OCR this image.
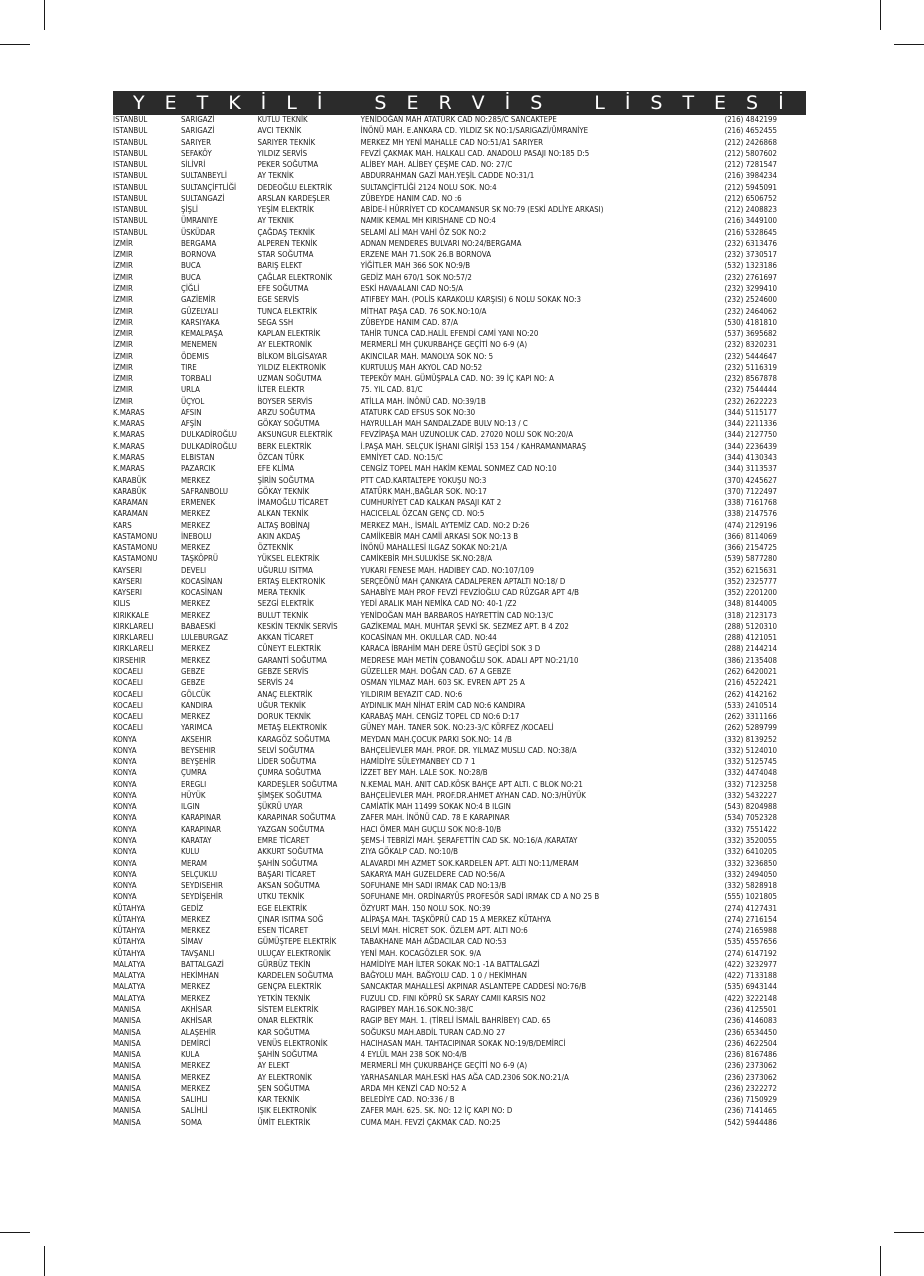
Y E T K İ L İ	S E R V İ S	L İ S T E S İ
ISTANBUL	SARIGAZİ	KUTLU TEKNİK	YENİDOĞAN MAH ATATÜRK CAD NO:285/C SANCAKTEPE	(216) 4842199
ISTANBUL	SARIGAZİ	AVCI TEKNİK	İNÖNÜ MAH. E.ANKARA CD. YILDIZ SK NO:1/SARIGAZİ/ÜMRANİYE	(216) 4652455
ISTANBUL	SARIYER	SARIYER TEKNİK	MERKEZ MH YENİ MAHALLE CAD NO:51/A1 SARIYER	(212) 2426868
ISTANBUL	SEFAKÖY	YILDIZ SERVİS	FEVZİ ÇAKMAK MAH. HALKALI CAD. ANADOLU PASAJI NO:185 D:5	(212) 5807602
ISTANBUL	SİLİVRİ	PEKER SOĞUTMA	ALİBEY MAH. ALİBEY ÇEŞME CAD. NO: 27/C	(212) 7281547
ISTANBUL	SULTANBEYLİ	AY TEKNİK	ABDURRAHMAN GAZİ MAH.YEŞİL CADDE NO:31/1	(216) 3984234
ISTANBUL	SULTANÇİFTLİĞİ	DEDEOĞLU ELEKTRİK	SULTANÇİFTLİĞİ 2124 NOLU SOK. NO:4	(212) 5945091
ISTANBUL	SULTANGAZİ	ARSLAN KARDEŞLER	ZÜBEYDE HANIM CAD. NO :6	(212) 6506752
ISTANBUL	ŞİŞLİ	YEŞİM ELEKTRİK	ABİDE-İ HÜRRİYET CD KOCAMANSUR SK NO:79 (ESKİ ADLİYE ARKASI)	(212) 2408823
ISTANBUL	ÜMRANIYE	AY TEKNIK	NAMIK KEMAL MH KIRISHANE CD NO:4	(216) 3449100
ISTANBUL	ÜSKÜDAR	ÇAĞDAŞ TEKNİK	SELAMİ ALİ MAH VAHİ ÖZ SOK NO:2	(216) 5328645
İZMİR	BERGAMA	ALPEREN TEKNİK	ADNAN MENDERES BULVARI NO:24/BERGAMA	(232) 6313476
İZMIR	BORNOVA	STAR SOĞUTMA	ERZENE MAH 71.SOK 26.B BORNOVA	(232) 3730517
İZMIR	BUCA	BARIŞ ELEKT	YİĞİTLER MAH 366 SOK NO:9/B	(532) 1323186
İZMIR	BUCA	ÇAĞLAR ELEKTRONİK	GEDİZ MAH 670/1 SOK NO:57/2	(232) 2761697
İZMIR	ÇİĞLİ	EFE SOĞUTMA	ESKİ HAVAALANI CAD NO:5/A	(232) 3299410
İZMIR	GAZİEMİR	EGE SERVİS	ATIFBEY MAH. (POLİS KARAKOLU KARŞISI) 6 NOLU SOKAK NO:3	(232) 2524600
İZMIR	GÜZELYALI	TUNCA ELEKTRİK	MİTHAT PAŞA CAD. 76 SOK.NO:10/A	(232) 2464062
İZMIR	KARSIYAKA	SEGA SSH	ZÜBEYDE HANIM CAD. 87/A	(530) 4181810
İZMIR	KEMALPAŞA	KAPLAN ELEKTRİK	TAHİR TUNCA CAD.HALİL EFENDİ CAMİ YANI NO:20	(537) 3695682
İZMIR	MENEMEN	AY ELEKTRONİK	MERMERLİ MH ÇUKURBAHÇE GEÇİTİ NO 6-9 (A)	(232) 8320231
İZMIR	ÖDEMIS	BİLKOM BİLGİSAYAR	AKINCILAR MAH. MANOLYA SOK NO: 5	(232) 5444647
İZMIR	TIRE	YILDIZ ELEKTRONİK	KURTULUŞ MAH AKYOL CAD NO:52	(232) 5116319
İZMIR	TORBALI	UZMAN SOĞUTMA	TEPEKÖY MAH. GÜMÜŞPALA CAD. NO: 39 İÇ KAPI NO: A	(232) 8567878
İZMIR	URLA	İLTER ELEKTR	75. YIL CAD. 81/C	(232) 7544444
İZMIR	ÜÇYOL	BOYSER SERVİS	ATİLLA MAH. İNÖNÜ CAD. NO:39/1B	(232) 2622223
K.MARAS	AFSIN	ARZU SOĞUTMA	ATATURK CAD EFSUS SOK NO:30	(344) 5115177
K.MARAS	AFŞİN	GÖKAY SOĞUTMA	HAYRULLAH MAH SANDALZADE BULV NO:13 / C	(344) 2211336
K.MARAS	DULKADİROĞLU	AKSUNGUR ELEKTRİK	FEVZİPAŞA MAH UZUNOLUK CAD. 27020 NOLU SOK NO:20/A	(344) 2127750
K.MARAS	DULKADİROĞLU	BERK ELEKTRİK	İ.PAŞA MAH. SELÇUK İŞHANI GİRİŞİ 153 154 / KAHRAMANMARAŞ	(344) 2236439
K.MARAS	ELBISTAN	ÖZCAN TÜRK	EMNİYET CAD. NO:15/C	(344) 4130343
K.MARAS	PAZARCIK	EFE KLİMA	CENGİZ TOPEL MAH HAKİM KEMAL SONMEZ CAD NO:10	(344) 3113537
KARABÜK	MERKEZ	ŞİRİN SOĞUTMA	PTT CAD.KARTALTEPE YOKUŞU NO:3	(370) 4245627
KARABÜK	SAFRANBOLU	GÖKAY TEKNİK	ATATÜRK MAH.,BAĞLAR SOK. NO:17	(370) 7122497
KARAMAN	ERMENEK	İMAMOĞLU TİCARET	CUMHURİYET CAD KALKAN PASAJI KAT 2	(338) 7161768
KARAMAN	MERKEZ	ALKAN TEKNİK	HACICELAL ÖZCAN GENÇ CD. NO:5	(338) 2147576
KARS	MERKEZ	ALTAŞ BOBİNAJ	MERKEZ MAH., İSMAİL AYTEMİZ CAD. NO:2 D:26	(474) 2129196
KASTAMONU	İNEBOLU	AKIN AKDAŞ	CAMİİKEBİR MAH CAMİİ ARKASI SOK NO:13 B	(366) 8114069
KASTAMONU	MERKEZ	ÖZTEKNİK	İNÖNÜ MAHALLESİ ILGAZ SOKAK NO:21/A	(366) 2154725
KASTAMONU	TAŞKÖPRÜ	YÜKSEL ELEKTRİK	CAMİKEBİR MH.SULUKİSE SK.NO:28/A	(539) 5877280
KAYSERI	DEVELI	UĞURLU ISITMA	YUKARI FENESE MAH. HADIBEY CAD. NO:107/109	(352) 6215631
KAYSERI	KOCASİNAN	ERTAŞ ELEKTRONİK	SERÇEÖNÜ MAH ÇANKAYA CADALPEREN APTALTI NO:18/ D	(352) 2325777
KAYSERI	KOCASİNAN	MERA TEKNİK	SAHABİYE MAH PROF FEVZİ FEVZİOĞLU CAD RÜZGAR APT 4/B	(352) 2201200
KILIS	MERKEZ	SEZGİ ELEKTRİK	YEDİ ARALIK MAH NEMİKA CAD NO: 40-1 /Z2	(348) 8144005
KIRIKKALE	MERKEZ	BULUT TEKNİK	YENİDOĞAN MAH BARBAROS HAYRETTİN CAD NO:13/C	(318) 2123173
KIRKLARELI	BABAESKİ	KESKİN TEKNİK SERVİS	GAZİKEMAL MAH. MUHTAR ŞEVKİ SK. SEZMEZ APT. B 4 Z02	(288) 5120310
KIRKLARELI	LULEBURGAZ	AKKAN TİCARET	KOCASİNAN MH. OKULLAR CAD. NO:44	(288) 4121051
KIRKLARELI	MERKEZ	CÜNEYT ELEKTRİK	KARACA İBRAHİM MAH DERE ÜSTÜ GEÇİDİ SOK 3 D	(288) 2144214
KIRSEHIR	MERKEZ	GARANTİ SOĞUTMA	MEDRESE MAH METİN ÇOBANOĞLU SOK. ADALI APT NO:21/10	(386) 2135408
KOCAELI	GEBZE	GEBZE SERVİS	GÜZELLER MAH. DOĞAN CAD. 67 A GEBZE	(262) 6420021
KOCAELI	GEBZE	SERVİS 24	OSMAN YILMAZ MAH. 603 SK. EVREN APT 25 A	(216) 4522421
KOCAELI	GÖLCÜK	ANAÇ ELEKTRİK	YILDIRIM BEYAZIT CAD. NO:6	(262) 4142162
KOCAELI	KANDIRA	UĞUR TEKNİK	AYDINLIK MAH NİHAT ERİM CAD NO:6 KANDIRA	(533) 2410514
KOCAELI	MERKEZ	DORUK TEKNİK	KARABAŞ MAH. CENGİZ TOPEL CD NO:6 D:17	(262) 3311166
KOCAELI	YARIMCA	METAŞ ELEKTRONİK	GÜNEY MAH. TANER SOK. NO:23-3/C KÖRFEZ /KOCAELİ	(262) 5289799
KONYA	AKSEHIR	KARAGÖZ SOĞUTMA	MEYDAN MAH.ÇOCUK PARKI SOK.NO: 14 /B	(332) 8139252
KONYA	BEYSEHIR	SELVİ SOĞUTMA	BAHÇELİEVLER MAH. PROF. DR. YILMAZ MUSLU CAD. NO:38/A	(332) 5124010
KONYA	BEYŞEHİR	LİDER SOĞUTMA	HAMİDİYE SÜLEYMANBEY CD 7 1	(332) 5125745
KONYA	ÇUMRA	ÇUMRA SOĞUTMA	İZZET BEY MAH. LALE SOK. NO:28/B	(332) 4474048
KONYA	EREGLI	KARDEŞLER SOĞUTMA	N.KEMAL MAH. ANIT CAD.KÖSK BAHÇE APT ALTI. C BLOK NO:21	(332) 7123258
KONYA	HÜYÜK	ŞİMŞEK SOĞUTMA	BAHÇELİEVLER MAH. PROF.DR.AHMET AYHAN CAD. NO:3/HÜYÜK	(332) 5432227
KONYA	ILGIN	ŞÜKRÜ UYAR	CAMİATİK MAH 11499 SOKAK NO:4 B ILGIN	(543) 8204988
KONYA	KARAPINAR	KARAPINAR SOĞUTMA	ZAFER MAH. İNÖNÜ CAD. 78 E KARAPINAR	(534) 7052328
KONYA	KARAPINAR	YAZGAN SOĞUTMA	HACI ÖMER MAH GUÇLU SOK NO:8-10/B	(332) 7551422
KONYA	KARATAY	EMRE TİCARET	ŞEMS-İ TEBRİZİ MAH. ŞERAFETTİN CAD SK. NO:16/A /KARATAY	(332) 3520055
KONYA	KULU	AKKURT SOĞUTMA	ZIYA GÖKALP CAD. NO:10/B	(332) 6410205
KONYA	MERAM	ŞAHİN SOĞUTMA	ALAVARDI MH AZMET SOK.KARDELEN APT. ALTI NO:11/MERAM	(332) 3236850
KONYA	SELÇUKLU	BAŞARI TİCARET	SAKARYA MAH GUZELDERE CAD NO:56/A	(332) 2494050
KONYA	SEYDISEHIR	AKSAN SOĞUTMA	SOFUHANE MH SADI IRMAK CAD NO:13/B	(332) 5828918
KONYA	SEYDİŞEHİR	UTKU TEKNİK	SOFUHANE MH. ORDİNARYÜS PROFESÖR SADİ IRMAK CD A NO 25 B	(555) 1021805
KÜTAHYA	GEDİZ	EGE ELEKTRİK	ÖZYURT MAH. 150 NOLU SOK. NO:39	(274) 4127431
KÜTAHYA	MERKEZ	ÇINAR ISITMA SOĞ	ALİPAŞA MAH. TAŞKÖPRÜ CAD 15 A MERKEZ KÜTAHYA	(274) 2716154
KÜTAHYA	MERKEZ	ESEN TİCARET	SELVİ MAH. HİCRET SOK. ÖZLEM APT. ALTI NO:6	(274) 2165988
KÜTAHYA	SİMAV	GÜMÜŞTEPE ELEKTRİK	TABAKHANE MAH AĞDACILAR CAD NO:53	(535) 4557656
KÜTAHYA	TAVŞANLI	ULUÇAY ELEKTRONİK	YENİ MAH. KOCAGÖZLER SOK. 9/A	(274) 6147192
MALATYA	BATTALGAZİ	GÜRBÜZ TEKİN	HAMİDİYE MAH İLTER SOKAK NO:1 -1A BATTALGAZİ	(422) 3232977
MALATYA	HEKİMHAN	KARDELEN SOĞUTMA	BAĞYOLU MAH. BAĞYOLU CAD. 1 0 / HEKİMHAN	(422) 7133188
MALATYA	MERKEZ	GENÇPA ELEKTRİK	SANCAKTAR MAHALLESİ AKPINAR ASLANTEPE CADDESİ NO:76/B	(535) 6943144
MALATYA	MERKEZ	YETKİN TEKNİK	FUZULI CD. FINI KÖPRÜ SK SARAY CAMII KARSIS NO2	(422) 3222148
MANISA	AKHİSAR	SİSTEM ELEKTRİK	RAGIPBEY MAH.16.SOK.NO:38/C	(236) 4125501
MANISA	AKHİSAR	ONAR ELEKTRİK	RAGIP BEY MAH. 1. (TİRELİ İSMAİL BAHRİBEY) CAD. 65	(236) 4146083
MANISA	ALAŞEHİR	KAR SOĞUTMA	SOĞUKSU MAH.ABDİL TURAN CAD.NO 27	(236) 6534450
MANISA	DEMİRCİ	VENÜS ELEKTRONİK	HACIHASAN MAH. TAHTACIPINAR SOKAK NO:19/B/DEMİRCİ	(236) 4622504
MANISA	KULA	ŞAHİN SOĞUTMA	4 EYLÜL MAH 238 SOK NO:4/B	(236) 8167486
MANISA	MERKEZ	AY ELEKT	MERMERLİ MH ÇUKURBAHÇE GEÇİTİ NO 6-9 (A)	(236) 2373062
MANISA	MERKEZ	AY ELEKTRONİK	YARHASANLAR MAH.ESKİ HAS AĞA CAD.2306 SOK.NO:21/A	(236) 2373062
MANISA	MERKEZ	ŞEN SOĞUTMA	ARDA MH KENZİ CAD NO:52 A	(236) 2322272
MANISA	SALIHLI	KAR TEKNİK	BELEDİYE CAD. NO:336 / B	(236) 7150929
MANISA	SALİHLİ	IŞIK ELEKTRONİK	ZAFER MAH. 625. SK. NO: 12 İÇ KAPI NO: D	(236) 7141465
MANISA	SOMA	ÜMİT ELEKTRİK	CUMA MAH. FEVZİ ÇAKMAK CAD. NO:25	(542) 5944486
